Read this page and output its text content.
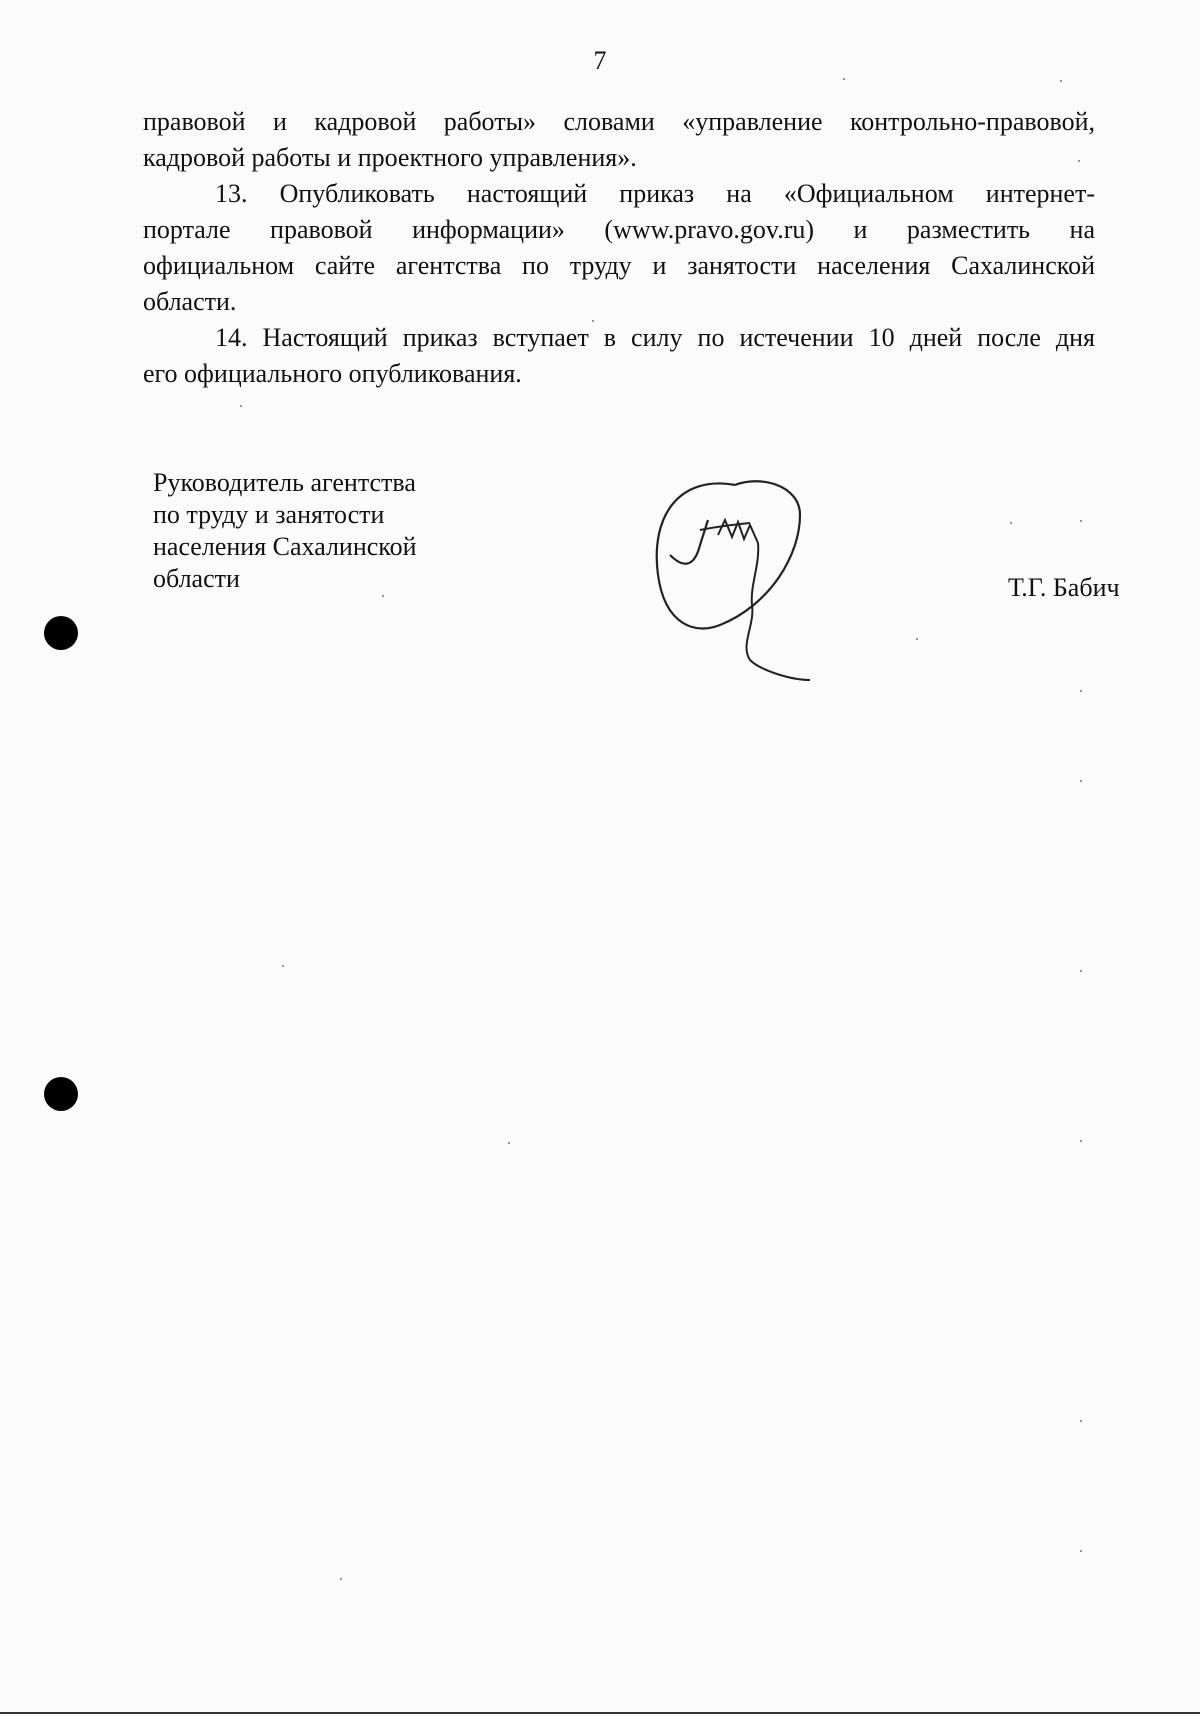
7

правовой и кадровой работы» словами «управление контрольно-правовой,

кадровой работы и проектного управления».

13. Опубликовать настоящий приказ на «Официальном интернет-

портале правовой информации» (www.pravo.gov.ru) и разместить на

официальном сайте агентства по труду и занятости населения Сахалинской

области.

14. Настоящий приказ вступает в силу по истечении 10 дней после дня

его официального опубликования.

Руководитель агентства
по труду и занятости
населения Сахалинской
области	Т.Г. Бабич
